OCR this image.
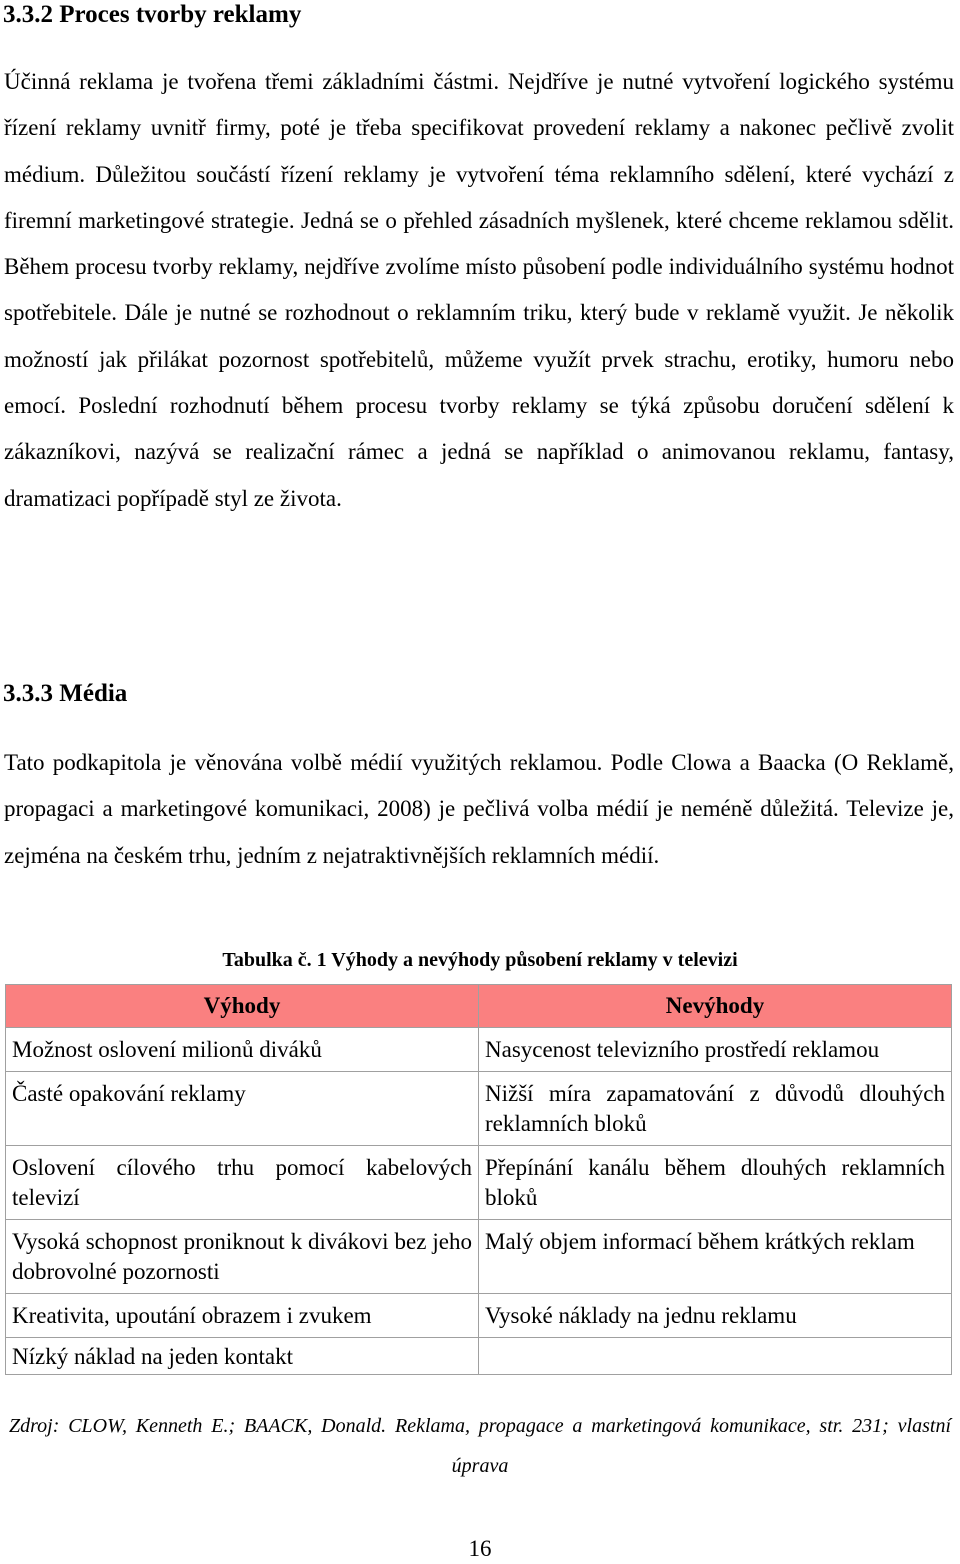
3.3.2 Proces tvorby reklamy

Účinná reklama je tvořena třemi základními částmi. Nejdříve je nutné vytvoření logického systému řízení reklamy uvnitř firmy, poté je třeba specifikovat provedení reklamy a nakonec pečlivě zvolit médium. Důležitou součástí řízení reklamy je vytvoření téma reklamního sdělení, které vychází z firemní marketingové strategie. Jedná se o přehled zásadních myšlenek, které chceme reklamou sdělit. Během procesu tvorby reklamy, nejdříve zvolíme místo působení podle individuálního systému hodnot spotřebitele. Dále je nutné se rozhodnout o reklamním triku, který bude v reklamě využit. Je několik možností jak přilákat pozornost spotřebitelů, můžeme využít prvek strachu, erotiky, humoru nebo emocí. Poslední rozhodnutí během procesu tvorby reklamy se týká způsobu doručení sdělení k zákazníkovi, nazývá se realizační rámec a jedná se například o animovanou reklamu, fantasy, dramatizaci popřípadě styl ze života.

3.3.3 Média

Tato podkapitola je věnována volbě médií využitých reklamou. Podle Clowa a Baacka (O Reklamě, propagaci a marketingové komunikaci, 2008) je pečlivá volba médií je neméně důležitá. Televize je, zejména na českém trhu, jedním z nejatraktivnějších reklamních médií.

Tabulka č. 1 Výhody a nevýhody působení reklamy v televizi
Výhody	Nevýhody
Možnost oslovení milionů diváků	Nasycenost televizního prostředí reklamou
Časté opakování reklamy	Nižší míra zapamatování z důvodů dlouhých reklamních bloků
Oslovení cílového trhu pomocí kabelových televizí	Přepínání kanálu během dlouhých reklamních bloků
Vysoká schopnost proniknout k divákovi bez jeho dobrovolné pozornosti	Malý objem informací během krátkých reklam
Kreativita, upoutání obrazem i zvukem	Vysoké náklady na jednu reklamu
Nízký náklad na jeden kontakt	
Zdroj: CLOW, Kenneth E.; BAACK, Donald. Reklama, propagace a marketingová komunikace, str. 231; vlastní úprava
16
